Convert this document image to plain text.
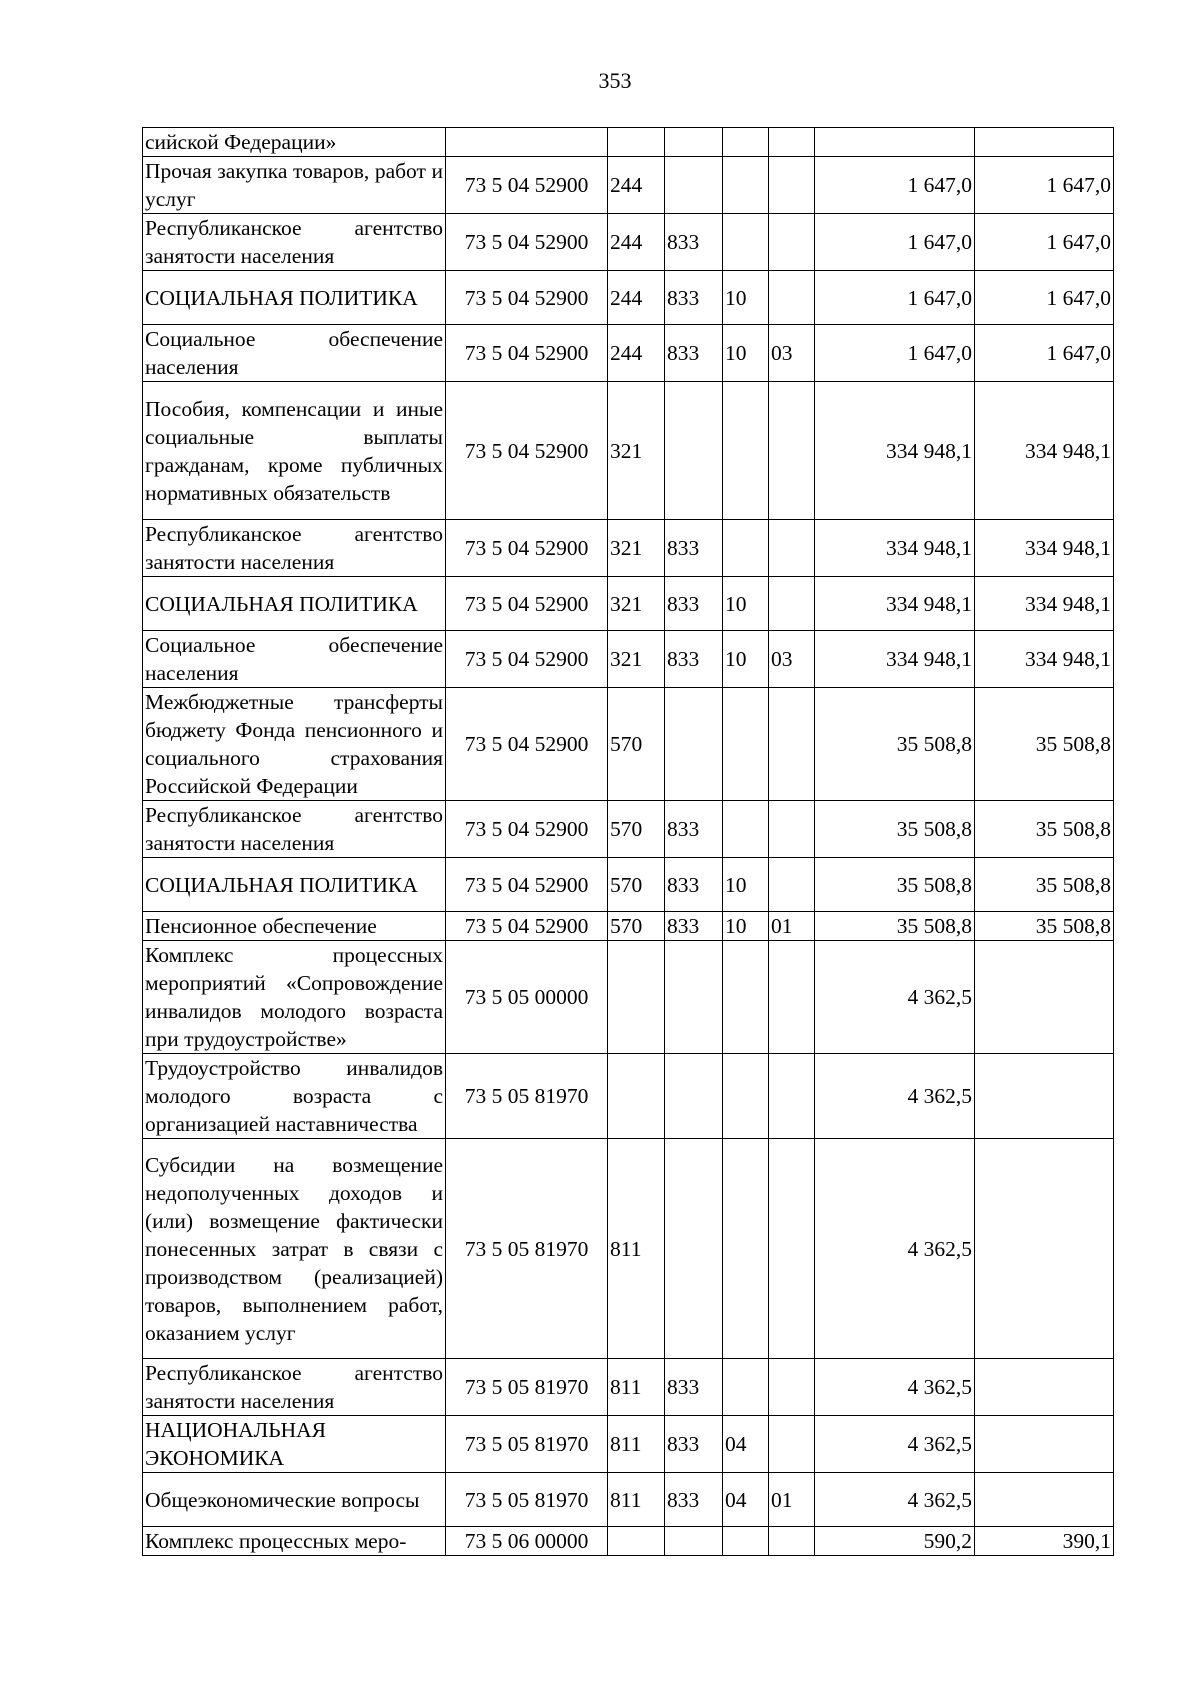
353
сийской Федерации»							
Прочая закупка товаров, работ и услуг	73 5 04 52900	244				1 647,0	1 647,0
Республиканское агентство занятости населения	73 5 04 52900	244	833			1 647,0	1 647,0
СОЦИАЛЬНАЯ ПОЛИТИКА	73 5 04 52900	244	833	10		1 647,0	1 647,0
Социальное обеспечение населения	73 5 04 52900	244	833	10	03	1 647,0	1 647,0
Пособия, компенсации и иные социальные выплаты гражданам, кроме публичных нормативных обязательств	73 5 04 52900	321				334 948,1	334 948,1
Республиканское агентство занятости населения	73 5 04 52900	321	833			334 948,1	334 948,1
СОЦИАЛЬНАЯ ПОЛИТИКА	73 5 04 52900	321	833	10		334 948,1	334 948,1
Социальное обеспечение населения	73 5 04 52900	321	833	10	03	334 948,1	334 948,1
Межбюджетные трансферты бюджету Фонда пенсионного и социального страхования Российской Федерации	73 5 04 52900	570				35 508,8	35 508,8
Республиканское агентство занятости населения	73 5 04 52900	570	833			35 508,8	35 508,8
СОЦИАЛЬНАЯ ПОЛИТИКА	73 5 04 52900	570	833	10		35 508,8	35 508,8
Пенсионное обеспечение	73 5 04 52900	570	833	10	01	35 508,8	35 508,8
Комплекс процессных мероприятий «Сопровождение инвалидов молодого возраста при трудоустройстве»	73 5 05 00000					4 362,5	
Трудоустройство инвалидов молодого возраста с организацией наставничества	73 5 05 81970					4 362,5	
Субсидии на возмещение недополученных доходов и (или) возмещение фактически понесенных затрат в связи с производством (реализацией) товаров, выполнением работ, оказанием услуг	73 5 05 81970	811				4 362,5	
Республиканское агентство занятости населения	73 5 05 81970	811	833			4 362,5	
НАЦИОНАЛЬНАЯ ЭКОНОМИКА	73 5 05 81970	811	833	04		4 362,5	
Общеэкономические вопросы	73 5 05 81970	811	833	04	01	4 362,5	
Комплекс процессных меро-	73 5 06 00000					590,2	390,1
